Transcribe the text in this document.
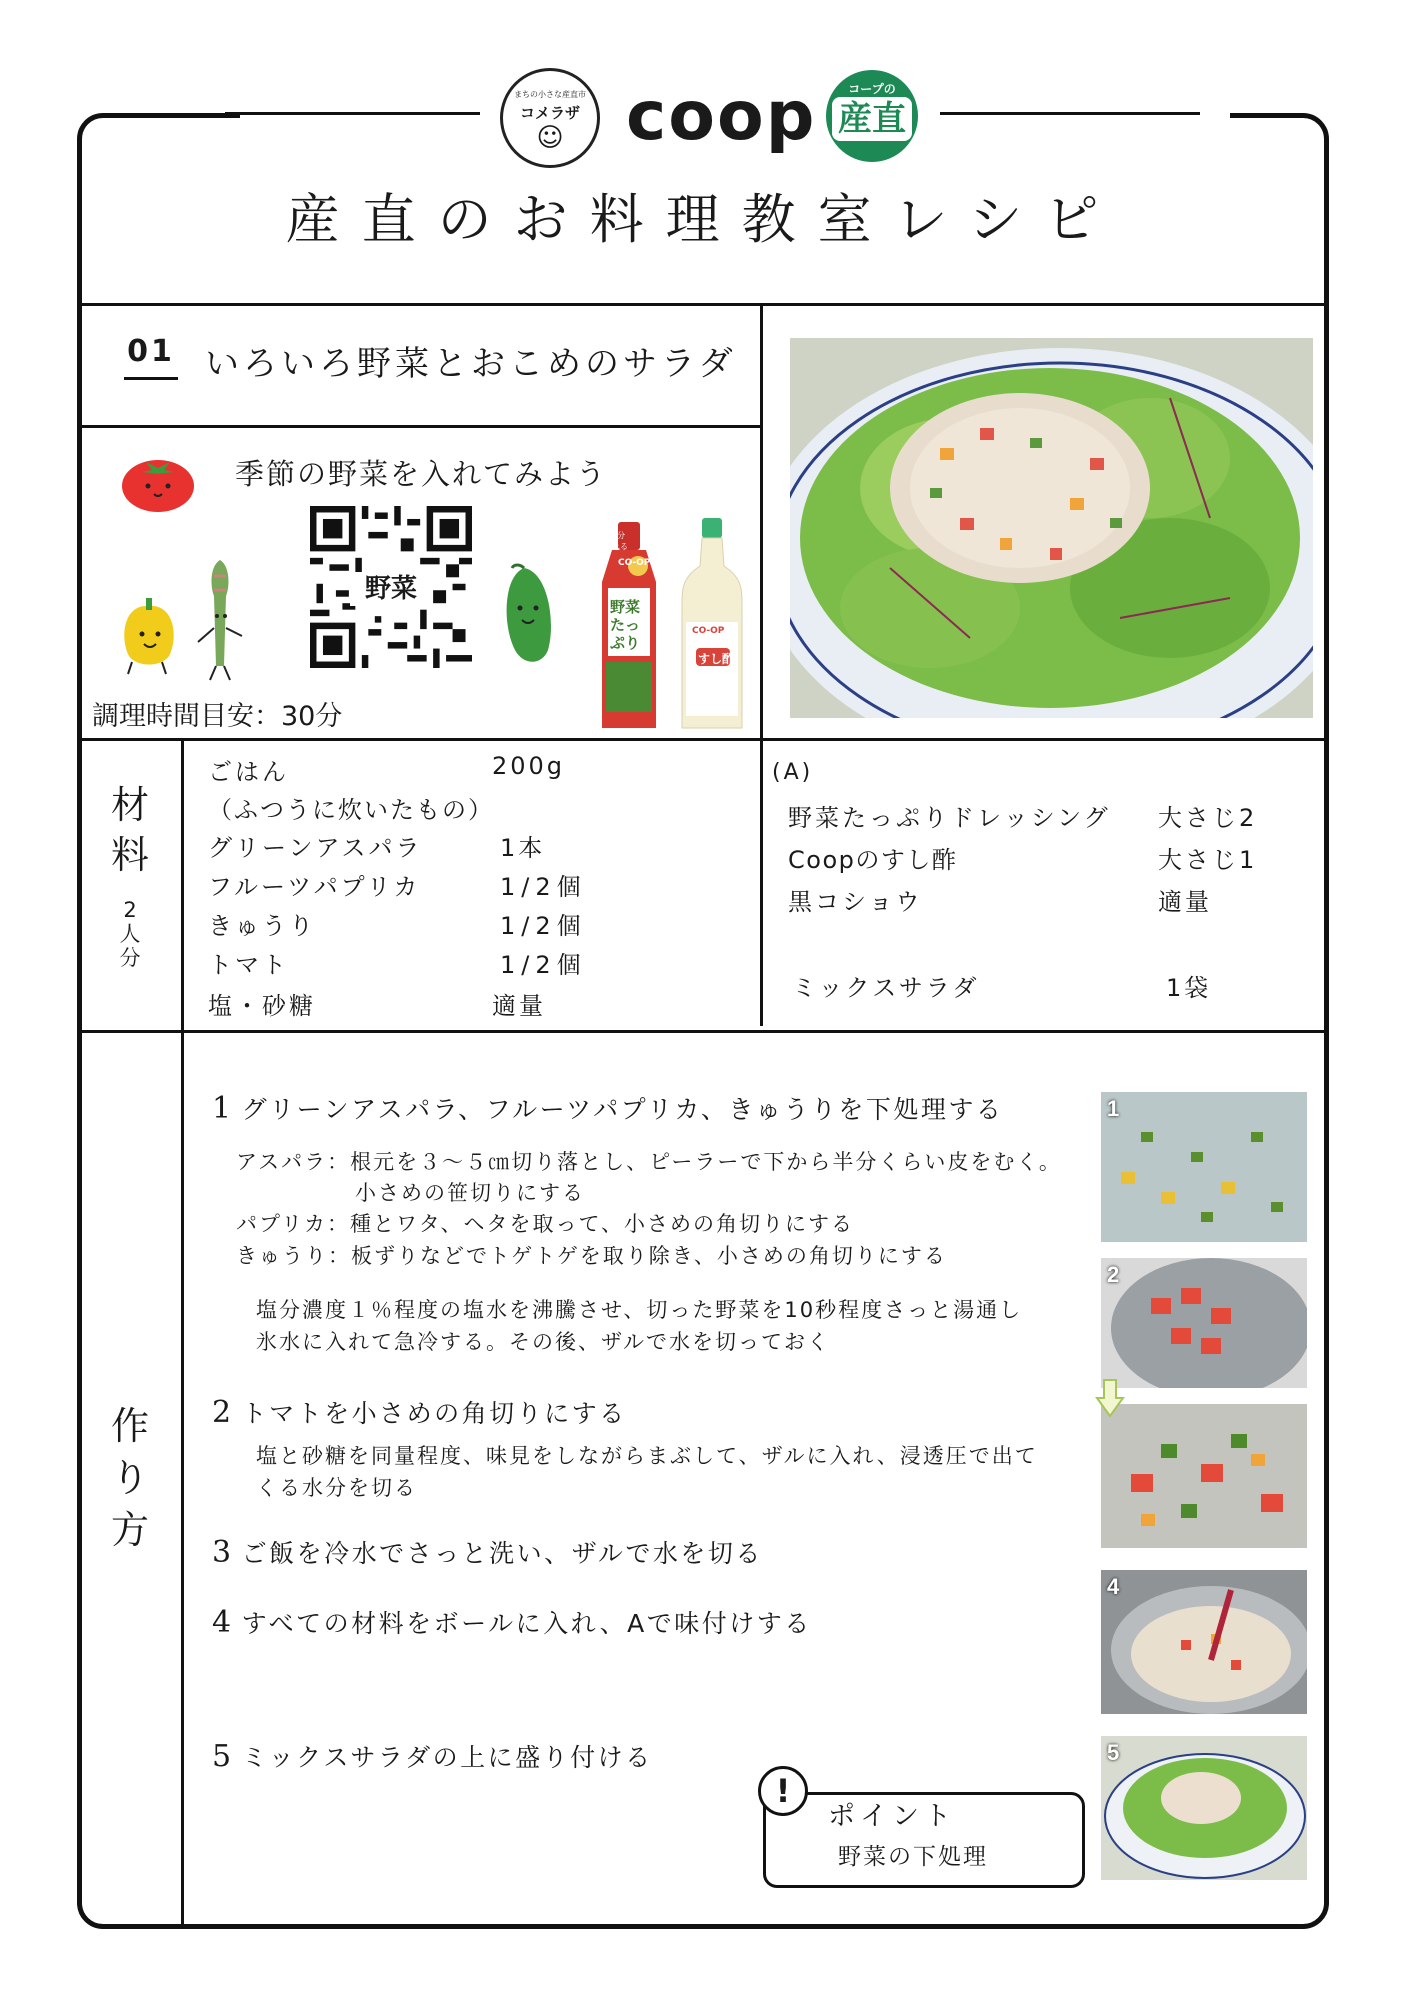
まちの小さな産直市
コメラザ
☺ coop	コープの
産直
産直のお料理教室レシピ
01 いろいろ野菜とおこめのサラダ
季節の野菜を入れてみよう
野菜
1日分 取れる
CO-OP
野菜たっぷり
CO-OP
すし酢
調理時間目安：30分
材料
2人分
ごはん	200g
（ふつうに炊いたもの）
グリーンアスパラ	1本
フルーツパプリカ	1/2個
きゅうり	1/2個
トマト	1/2個
塩・砂糖	適量
(A)
野菜たっぷりドレッシング 大さじ2
Coopのすし酢	大さじ1
黒コショウ	適量
ミックスサラダ	1袋
作り方
1 グリーンアスパラ、フルーツパプリカ、きゅうりを下処理する
アスパラ：根元を３〜５㎝切り落とし、ピーラーで下から半分くらい皮をむく。
小さめの笹切りにする
パプリカ：種とワタ、ヘタを取って、小さめの角切りにする
きゅうり：板ずりなどでトゲトゲを取り除き、小さめの角切りにする
塩分濃度１％程度の塩水を沸騰させ、切った野菜を10秒程度さっと湯通し
氷水に入れて急冷する。その後、ザルで水を切っておく
2 トマトを小さめの角切りにする
塩と砂糖を同量程度、味見をしながらまぶして、ザルに入れ、浸透圧で出て
くる水分を切る
3 ご飯を冷水でさっと洗い、ザルで水を切る
4 すべての材料をボールに入れ、Aで味付けする
5 ミックスサラダの上に盛り付ける
1
2
4
5
!
ポイント
野菜の下処理
